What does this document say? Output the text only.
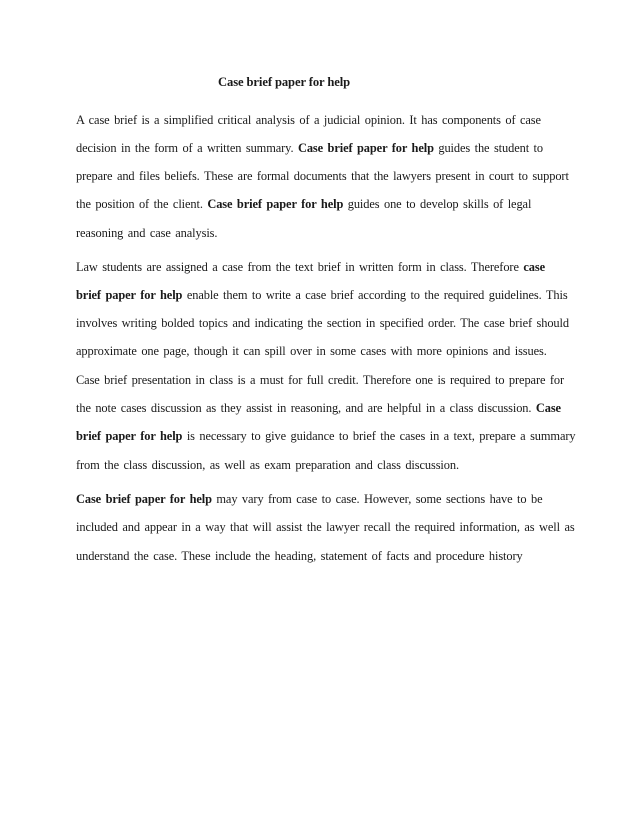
Case brief paper for help
A case brief is a simplified critical analysis of a judicial opinion. It has components of case
decision in the form of a written summary. Case brief paper for help guides the student to
prepare and files beliefs. These are formal documents that the lawyers present in court to support
the position of the client. Case brief paper for help guides one to develop skills of legal
reasoning and case analysis.
Law students are assigned a case from the text brief in written form in class. Therefore case
brief paper for help enable them to write a case brief according to the required guidelines. This
involves writing bolded topics and indicating the section in specified order. The case brief should
approximate one page, though it can spill over in some cases with more opinions and issues.
Case brief presentation in class is a must for full credit. Therefore one is required to prepare for
the note cases discussion as they assist in reasoning, and are helpful in a class discussion. Case
brief paper for help is necessary to give guidance to brief the cases in a text, prepare a summary
from the class discussion, as well as exam preparation and class discussion.
Case brief paper for help may vary from case to case. However, some sections have to be
included and appear in a way that will assist the lawyer recall the required information, as well as
understand the case. These include the heading, statement of facts and procedure history
